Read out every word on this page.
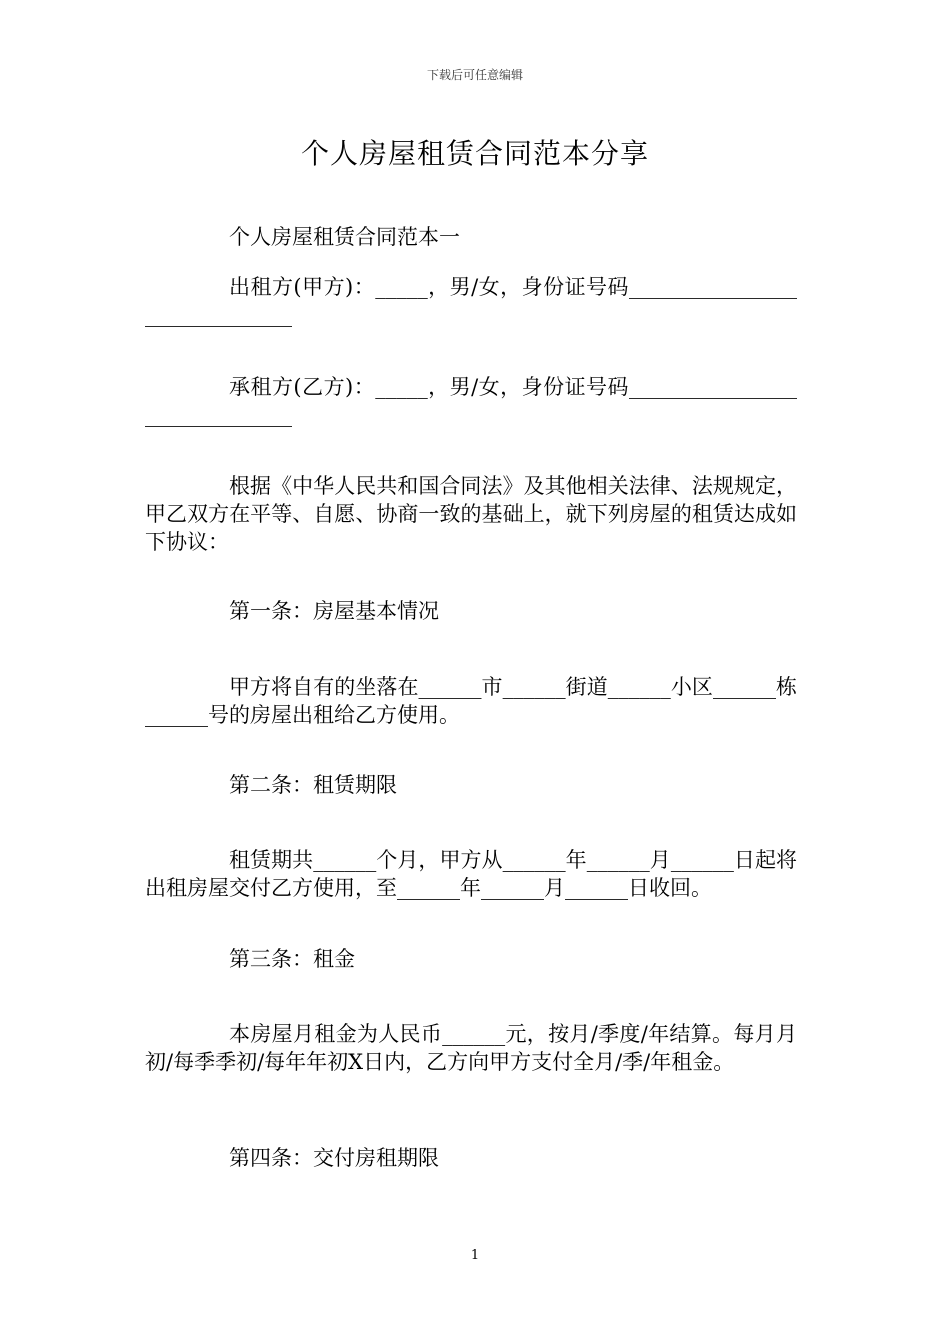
下载后可任意编辑
个人房屋租赁合同范本分享

个人房屋租赁合同范本一

出租方(甲方)：_____，男/女，身份证号码______________________________

承租方(乙方)：_____，男/女，身份证号码______________________________

根据《中华人民共和国合同法》及其他相关法律、法规规定，甲乙双方在平等、自愿、协商一致的基础上，就下列房屋的租赁达成如下协议：

第一条：房屋基本情况

甲方将自有的坐落在______市______街道______小区______栋______号的房屋出租给乙方使用。

第二条：租赁期限

租赁期共______个月，甲方从______年______月______日起将出租房屋交付乙方使用，至______年______月______日收回。

第三条：租金

本房屋月租金为人民币______元，按月/季度/年结算。每月月初/每季季初/每年年初X日内，乙方向甲方支付全月/季/年租金。

第四条：交付房租期限

1
